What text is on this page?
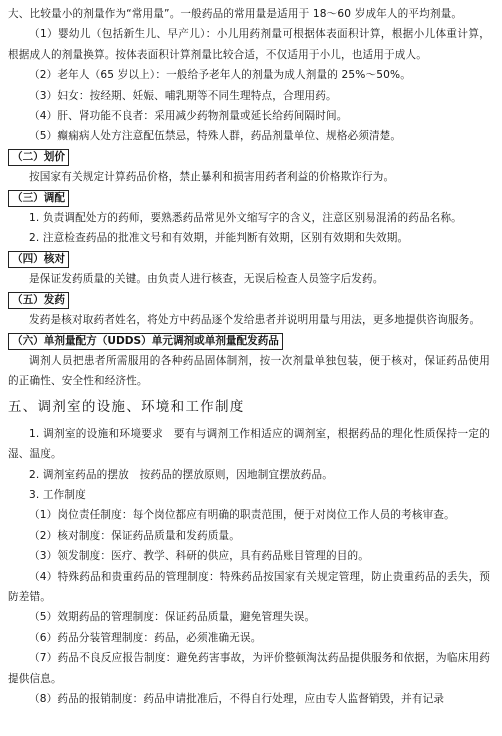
大、比较量小的剂量作为“常用量”。一般药品的常用量是适用于 18～60 岁成年人的平均剂量。

（1）婴幼儿（包括新生儿、早产儿）：小儿用药剂量可根据体表面积计算，根据小儿体重计算，根据成人的剂量换算。按体表面积计算剂量比较合适，不仅适用于小儿，也适用于成人。

（2）老年人（65 岁以上）：一般给予老年人的剂量为成人剂量的 25%～50%。

（3）妇女：按经期、妊娠、哺乳期等不同生理特点，合理用药。

（4）肝、肾功能不良者：采用减少药物剂量或延长给药间隔时间。

（5）癫痫病人处方注意配伍禁忌，特殊人群，药品剂量单位、规格必须清楚。

（二）划价

按国家有关规定计算药品价格，禁止暴利和损害用药者利益的价格欺诈行为。

（三）调配

1. 负责调配处方的药师，要熟悉药品常见外文缩写字的含义，注意区别易混淆的药品名称。

2. 注意检查药品的批准文号和有效期，并能判断有效期，区别有效期和失效期。

（四）核对

是保证发药质量的关键。由负责人进行核查，无误后检查人员签字后发药。

（五）发药

发药是核对取药者姓名，将处方中药品逐个发给患者并说明用量与用法，更多地提供咨询服务。

（六）单剂量配方（UDDS）单元调剂或单剂量配发药品

调剂人员把患者所需服用的各种药品固体制剂，按一次剂量单独包装，便于核对，保证药品使用的正确性、安全性和经济性。

五、调剂室的设施、环境和工作制度

1. 调剂室的设施和环境要求　要有与调剂工作相适应的调剂室，根据药品的理化性质保持一定的湿、温度。

2. 调剂室药品的摆放　按药品的摆放原则，因地制宜摆放药品。

3. 工作制度

（1）岗位责任制度：每个岗位都应有明确的职责范围，便于对岗位工作人员的考核审查。

（2）核对制度：保证药品质量和发药质量。

（3）领发制度：医疗、教学、科研的供应，具有药品账目管理的目的。

（4）特殊药品和贵重药品的管理制度：特殊药品按国家有关规定管理，防止贵重药品的丢失，预防差错。

（5）效期药品的管理制度：保证药品质量，避免管理失误。

（6）药品分装管理制度：药品，必须准确无误。

（7）药品不良反应报告制度：避免药害事故，为评价整顿淘汰药品提供服务和依据，为临床用药提供信息。

（8）药品的报销制度：药品申请批准后，不得自行处理，应由专人监督销毁，并有记录
